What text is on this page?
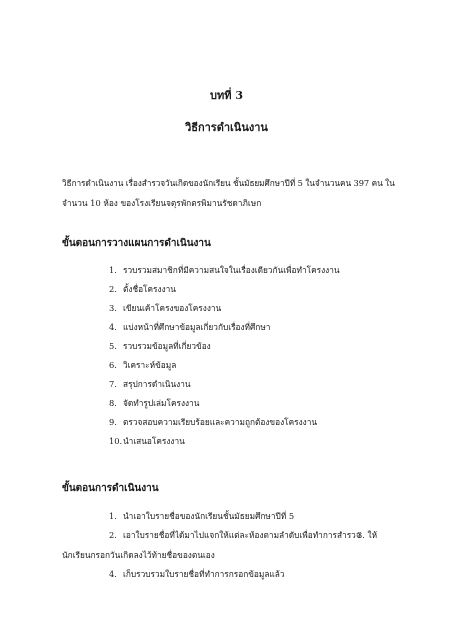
บทที่ 3
วิธีการดำเนินงาน
วิธีการดำเนินงาน เรื่องสำรวจวันเกิดของนักเรียน ชั้นมัธยมศึกษาปีที่ 5 ในจำนวนคน 397 คน ใน
จำนวน 10 ห้อง ของโรงเรียนจตุรพักตรพิมานรัชดาภิเษก
ขั้นตอนการวางแผนการดำเนินงาน
1. รวบรวมสมาชิกที่มีความสนใจในเรื่องเดียวกันเพื่อทำโครงงาน
2. ตั้งชื่อโครงงาน
3. เขียนเค้าโครงของโครงงาน
4. แบ่งหน้าที่ศึกษาข้อมูลเกี่ยวกับเรื่องที่ศึกษา
5. รวบรวมข้อมูลที่เกี่ยวข้อง
6. วิเคราะห์ข้อมูล
7. สรุปการดำเนินงาน
8. จัดทำรูปเล่มโครงงาน
9. ตรวจสอบความเรียบร้อยและความถูกต้องของโครงงาน
10.นำเสนอโครงงาน
ขั้นตอนการดำเนินงาน
1. นำเอาใบรายชื่อของนักเรียนชั้นมัธยมศึกษาปีที่ 5
2. เอาใบรายชื่อที่ได้มาไปแจกให้แต่ละห้องตามลำดับเพื่อทำการสำรวจ
3. ให้
นักเรียนกรอกวันเกิดลงไว้ท้ายชื่อของตนเอง
4. เก็บรวบรวมใบรายชื่อที่ทำการกรอกข้อมูลแล้ว
